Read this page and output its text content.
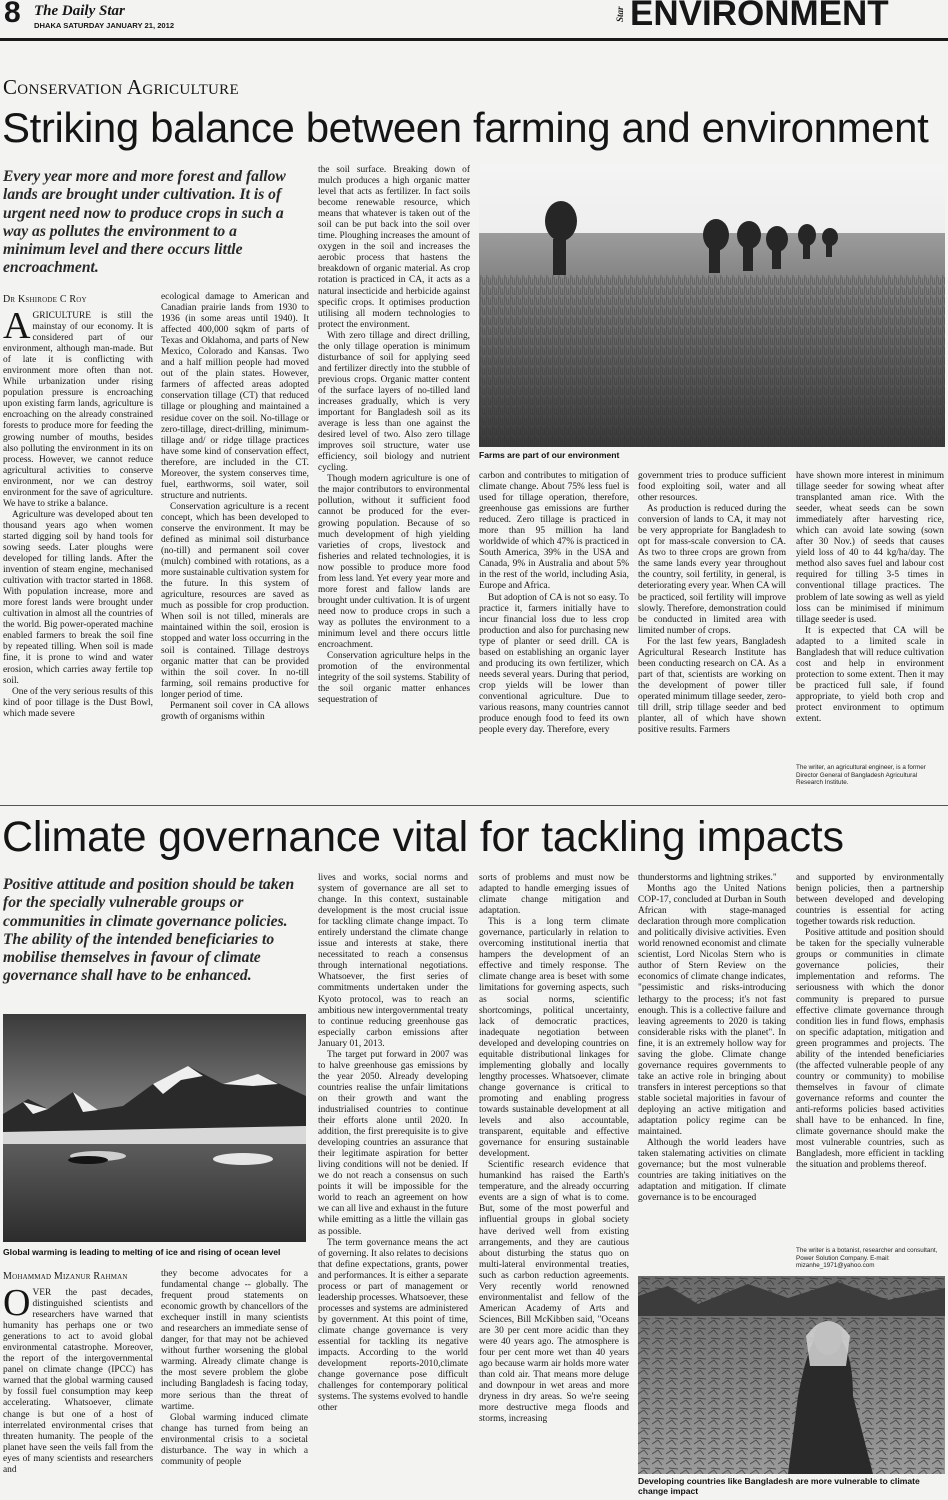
8 The Daily Star
DHAKA SATURDAY JANUARY 21, 2012
Star ENVIRONMENT
Conservation Agriculture
Striking balance between farming and environment
Every year more and more forest and fallow lands are brought under cultivation. It is of urgent need now to produce crops in such a way as pollutes the environment to a minimum level and there occurs little encroachment.
Dr Kshirode C Roy

AGRICULTURE is still the mainstay of our economy. It is considered part of our environment, although man-made. But of late it is conflicting with environment more often than not. While urbanization under rising population pressure is encroaching upon existing farm lands, agriculture is encroaching on the already constrained forests to produce more for feeding the growing number of mouths, besides also polluting the environment in its on process. However, we cannot reduce agricultural activities to conserve environment, nor we can destroy environment for the save of agriculture. We have to strike a balance.

Agriculture was developed about ten thousand years ago when women started digging soil by hand tools for sowing seeds. Later ploughs were developed for tilling lands. After the invention of steam engine, mechanised cultivation with tractor started in 1868. With population increase, more and more forest lands were brought under cultivation in almost all the countries of the world. Big power-operated machine enabled farmers to break the soil fine by repeated tilling. When soil is made fine, it is prone to wind and water erosion, which carries away fertile top soil.

One of the very serious results of this kind of poor tillage is the Dust Bowl, which made severe

ecological damage to American and Canadian prairie lands from 1930 to 1936 (in some areas until 1940). It affected 400,000 sqkm of parts of Texas and Oklahoma, and parts of New Mexico, Colorado and Kansas. Two and a half million people had moved out of the plain states. However, farmers of affected areas adopted conservation tillage (CT) that reduced tillage or ploughing and maintained a residue cover on the soil. No-tillage or zero-tillage, direct-drilling, minimum-tillage and/ or ridge tillage practices have some kind of conservation effect, therefore, are included in the CT. Moreover, the system conserves time, fuel, earthworms, soil water, soil structure and nutrients.

Conservation agriculture is a recent concept, which has been developed to conserve the environment. It may be defined as minimal soil disturbance (no-till) and permanent soil cover (mulch) combined with rotations, as a more sustainable cultivation system for the future. In this system of agriculture, resources are saved as much as possible for crop production. When soil is not tilled, minerals are maintained within the soil, erosion is stopped and water loss occurring in the soil is contained. Tillage destroys organic matter that can be provided within the soil cover. In no-till farming, soil remains productive for longer period of time.

Permanent soil cover in CA allows growth of organisms within

the soil surface. Breaking down of mulch produces a high organic matter level that acts as fertilizer. In fact soils become renewable resource, which means that whatever is taken out of the soil can be put back into the soil over time. Ploughing increases the amount of oxygen in the soil and increases the aerobic process that hastens the breakdown of organic material. As crop rotation is practiced in CA, it acts as a natural insecticide and herbicide against specific crops. It optimises production utilising all modern technologies to protect the environment.

With zero tillage and direct drilling, the only tillage operation is minimum disturbance of soil for applying seed and fertilizer directly into the stubble of previous crops. Organic matter content of the surface layers of no-tilled land increases gradually, which is very important for Bangladesh soil as its average is less than one against the desired level of two. Also zero tillage improves soil structure, water use efficiency, soil biology and nutrient cycling.

Though modern agriculture is one of the major contributors to environmental pollution, without it sufficient food cannot be produced for the ever-growing population. Because of so much development of high yielding varieties of crops, livestock and fisheries and related technologies, it is now possible to produce more food from less land. Yet every year more and more forest and fallow lands are brought under cultivation. It is of urgent need now to produce crops in such a way as pollutes the environment to a minimum level and there occurs little encroachment.

Conservation agriculture helps in the promotion of the environmental integrity of the soil systems. Stability of the soil organic matter enhances sequestration of

Farms are part of our environment

carbon and contributes to mitigation of climate change. About 75% less fuel is used for tillage operation, therefore, greenhouse gas emissions are further reduced. Zero tillage is practiced in more than 95 million ha land worldwide of which 47% is practiced in South America, 39% in the USA and Canada, 9% in Australia and about 5% in the rest of the world, including Asia, Europe and Africa.

But adoption of CA is not so easy. To practice it, farmers initially have to incur financial loss due to less crop production and also for purchasing new type of planter or seed drill. CA is based on establishing an organic layer and producing its own fertilizer, which needs several years. During that period, crop yields will be lower than conventional agriculture. Due to various reasons, many countries cannot produce enough food to feed its own people every day. Therefore, every

government tries to produce sufficient food exploiting soil, water and all other resources.

As production is reduced during the conversion of lands to CA, it may not be very appropriate for Bangladesh to opt for mass-scale conversion to CA. As two to three crops are grown from the same lands every year throughout the country, soil fertility, in general, is deteriorating every year. When CA will be practiced, soil fertility will improve slowly. Therefore, demonstration could be conducted in limited area with limited number of crops.

For the last few years, Bangladesh Agricultural Research Institute has been conducting research on CA. As a part of that, scientists are working on the development of power tiller operated minimum tillage seeder, zero-till drill, strip tillage seeder and bed planter, all of which have shown positive results. Farmers

have shown more interest in minimum tillage seeder for sowing wheat after transplanted aman rice. With the seeder, wheat seeds can be sown immediately after harvesting rice, which can avoid late sowing (sown after 30 Nov.) of seeds that causes yield loss of 40 to 44 kg/ha/day. The method also saves fuel and labour cost required for tilling 3-5 times in conventional tillage practices. The problem of late sowing as well as yield loss can be minimised if minimum tillage seeder is used.

It is expected that CA will be adapted to a limited scale in Bangladesh that will reduce cultivation cost and help in environment protection to some extent. Then it may be practiced full sale, if found appropriate, to yield both crop and protect environment to optimum extent.

The writer, an agricultural engineer, is a former Director General of Bangladesh Agricultural Research Institute.
Climate governance vital for tackling impacts
Positive attitude and position should be taken for the specially vulnerable groups or communities in climate governance policies. The ability of the intended beneficiaries to mobilise themselves in favour of climate governance shall have to be enhanced.
Global warming is leading to melting of ice and rising of ocean level
Mohammad Mizanur Rahman

OVER the past decades, distinguished scientists and researchers have warned that humanity has perhaps one or two generations to act to avoid global environmental catastrophe. Moreover, the report of the intergovernmental panel on climate change (IPCC) has warned that the global warming caused by fossil fuel consumption may keep accelerating. Whatsoever, climate change is but one of a host of interrelated environmental crises that threaten humanity. The people of the planet have seen the veils fall from the eyes of many scientists and researchers and

they become advocates for a fundamental change -- globally. The frequent proud statements on economic growth by chancellors of the exchequer instill in many scientists and researchers an immediate sense of danger, for that may not be achieved without further worsening the global warming. Already climate change is the most severe problem the globe including Bangladesh is facing today, more serious than the threat of wartime.

Global warming induced climate change has turned from being an environmental crisis to a societal disturbance. The way in which a community of people

lives and works, social norms and system of governance are all set to change. In this context, sustainable development is the most crucial issue for tackling climate change impact. To entirely understand the climate change issue and interests at stake, there necessitated to reach a consensus through international negotiations. Whatsoever, the first series of commitments undertaken under the Kyoto protocol, was to reach an ambitious new intergovernmental treaty to continue reducing greenhouse gas especially carbon emissions after January 01, 2013.

The target put forward in 2007 was to halve greenhouse gas emissions by the year 2050. Already developing countries realise the unfair limitations on their growth and want the industrialised countries to continue their efforts alone until 2020. In addition, the first prerequisite is to give developing countries an assurance that their legitimate aspiration for better living conditions will not be denied. If we do not reach a consensus on such points it will be impossible for the world to reach an agreement on how we can all live and exhaust in the future while emitting as a little the villain gas as possible.

The term governance means the act of governing. It also relates to decisions that define expectations, grants, power and performances. It is either a separate process or part of management or leadership processes. Whatsoever, these processes and systems are administered by government. At this point of time, climate change governance is very essential for tackling its negative impacts. According to the world development reports-2010,climate change governance pose difficult challenges for contemporary political systems. The systems evolved to handle other

sorts of problems and must now be adapted to handle emerging issues of climate change mitigation and adaptation.

This is a long term climate governance, particularly in relation to overcoming institutional inertia that hampers the development of an effective and timely response. The climate change area is beset with some limitations for governing aspects, such as social norms, scientific shortcomings, political uncertainty, lack of democratic practices, inadequate negotiation between developed and developing countries on equitable distributional linkages for implementing globally and locally lengthy processes. Whatsoever, climate change governance is critical to promoting and enabling progress towards sustainable development at all levels and also accountable, transparent, equitable and effective governance for ensuring sustainable development.

Scientific research evidence that humankind has raised the Earth's temperature, and the already occurring events are a sign of what is to come. But, some of the most powerful and influential groups in global society have derived well from existing arrangements, and they are cautious about disturbing the status quo on multi-lateral environmental treaties, such as carbon reduction agreements. Very recently world renowned environmentalist and fellow of the American Academy of Arts and Sciences, Bill McKibben said, "Oceans are 30 per cent more acidic than they were 40 years ago. The atmosphere is four per cent more wet than 40 years ago because warm air holds more water than cold air. That means more deluge and downpour in wet areas and more dryness in dry areas. So we're seeing more destructive mega floods and storms, increasing

thunderstorms and lightning strikes."

Months ago the United Nations COP-17, concluded at Durban in South African with stage-managed declaration through more complication and politically divisive activities. Even world renowned economist and climate scientist, Lord Nicolas Stern who is author of Stern Review on the economics of climate change indicates, "pessimistic and risks-introducing lethargy to the process; it's not fast enough. This is a collective failure and leaving agreements to 2020 is taking considerable risks with the planet". In fine, it is an extremely hollow way for saving the globe. Climate change governance requires governments to take an active role in bringing about transfers in interest perceptions so that stable societal majorities in favour of deploying an active mitigation and adaptation policy regime can be maintained.

Although the world leaders have taken stalemating activities on climate governance; but the most vulnerable countries are taking initiatives on the adaptation and mitigation. If climate governance is to be encouraged

and supported by environmentally benign policies, then a partnership between developed and developing countries is essential for acting together towards risk reduction.

Positive attitude and position should be taken for the specially vulnerable groups or communities in climate governance policies, their implementation and reforms. The seriousness with which the donor community is prepared to pursue effective climate governance through condition lies in fund flows, emphasis on specific adaptation, mitigation and green programmes and projects. The ability of the intended beneficiaries (the affected vulnerable people of any country or community) to mobilise themselves in favour of climate governance reforms and counter the anti-reforms policies based activities shall have to be enhanced. In fine, climate governance should make the most vulnerable countries, such as Bangladesh, more efficient in tackling the situation and problems thereof.

The writer is a botanist, researcher and consultant, Power Solution Company. E-mail: mizanhe_1971@yahoo.com
Developing countries like Bangladesh are more vulnerable to climate change impact
